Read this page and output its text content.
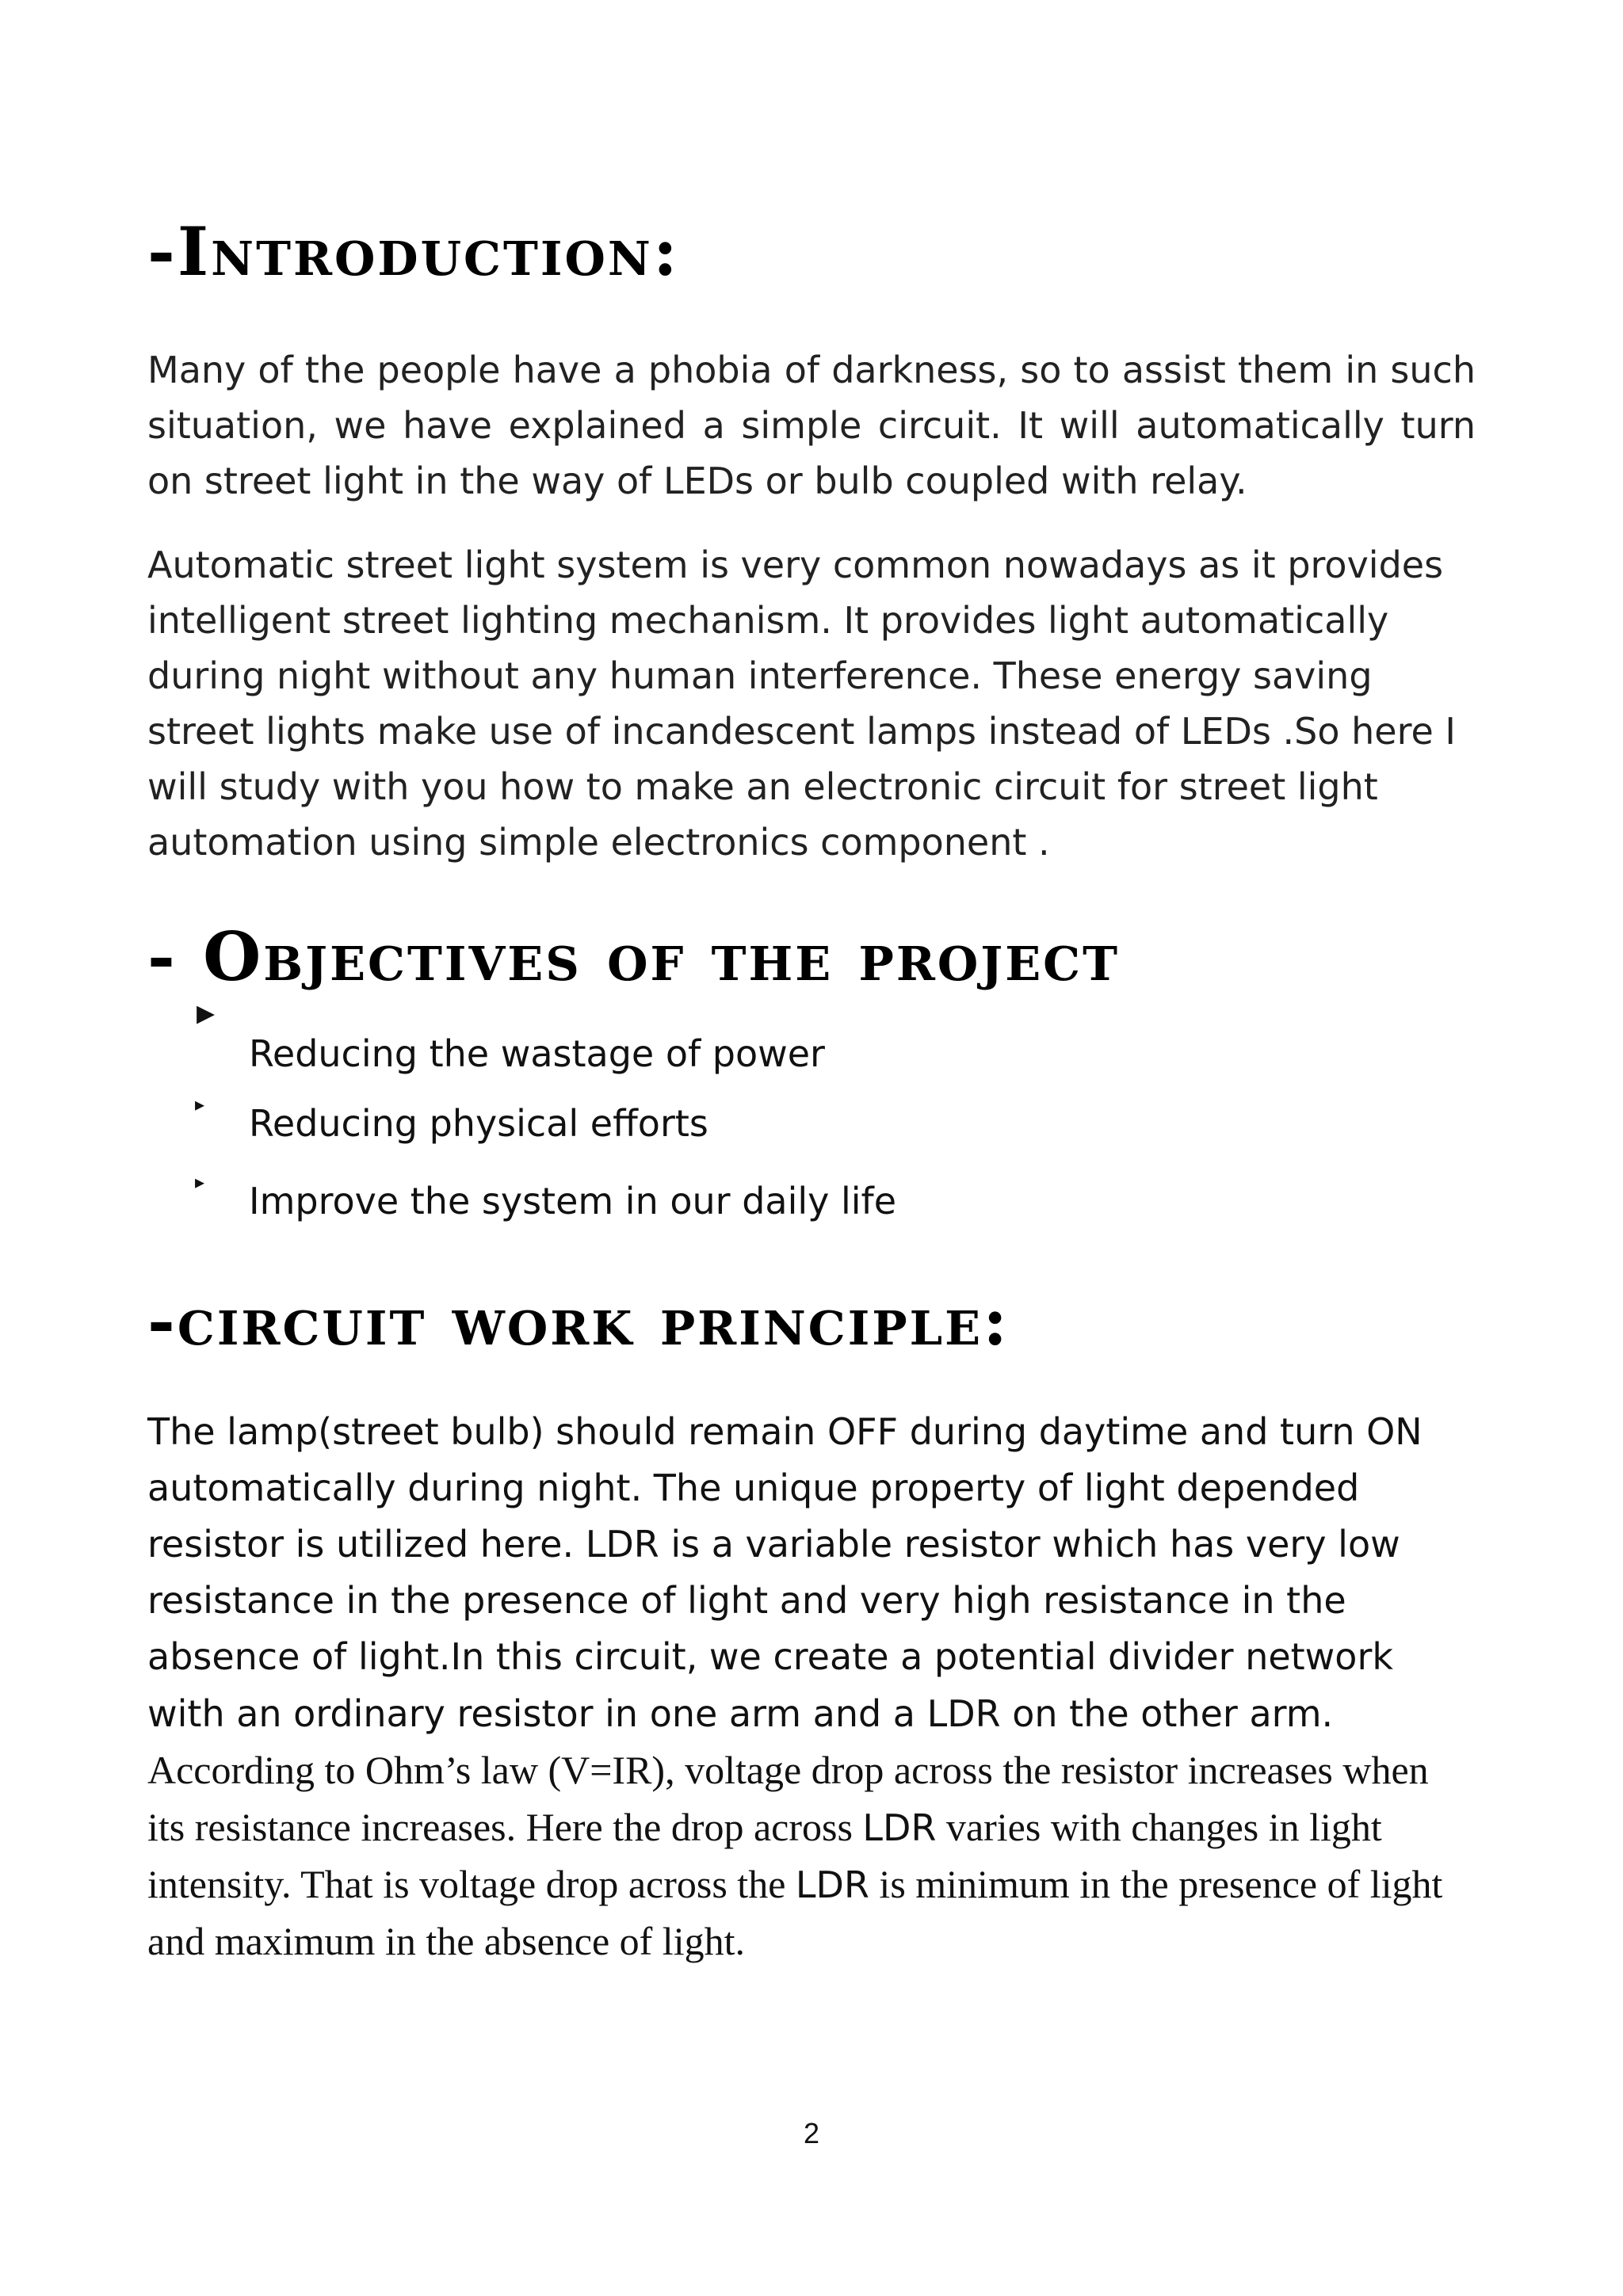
-Introduction:

Many of the people have a phobia of darkness, so to assist them in such situation, we have explained a simple circuit. It will automatically turn on street light in the way of LEDs or bulb coupled with relay.

Automatic street light system is very common nowadays as it provides intelligent street lighting mechanism. It provides light automatically during night without any human interference. These energy saving street lights make use of incandescent lamps instead of LEDs .So here I will study with you how to make an electronic circuit for street light automation using simple electronics component .

- Objectives of the project
▸
Reducing the wastage of power
▸ Reducing physical efforts
▸ Improve the system in our daily life
-circuit work principle:

The lamp(street bulb) should remain OFF during daytime and turn ON automatically during night. The unique property of light depended resistor is utilized here. LDR is a variable resistor which has very low resistance in the presence of light and very high resistance in the absence of light.In this circuit, we create a potential divider network with an ordinary resistor in one arm and a LDR on the other arm. According to Ohm’s law (V=IR), voltage drop across the resistor increases when its resistance increases. Here the drop across LDR varies with changes in light intensity. That is voltage drop across the LDR is minimum in the presence of light and maximum in the absence of light.

2
